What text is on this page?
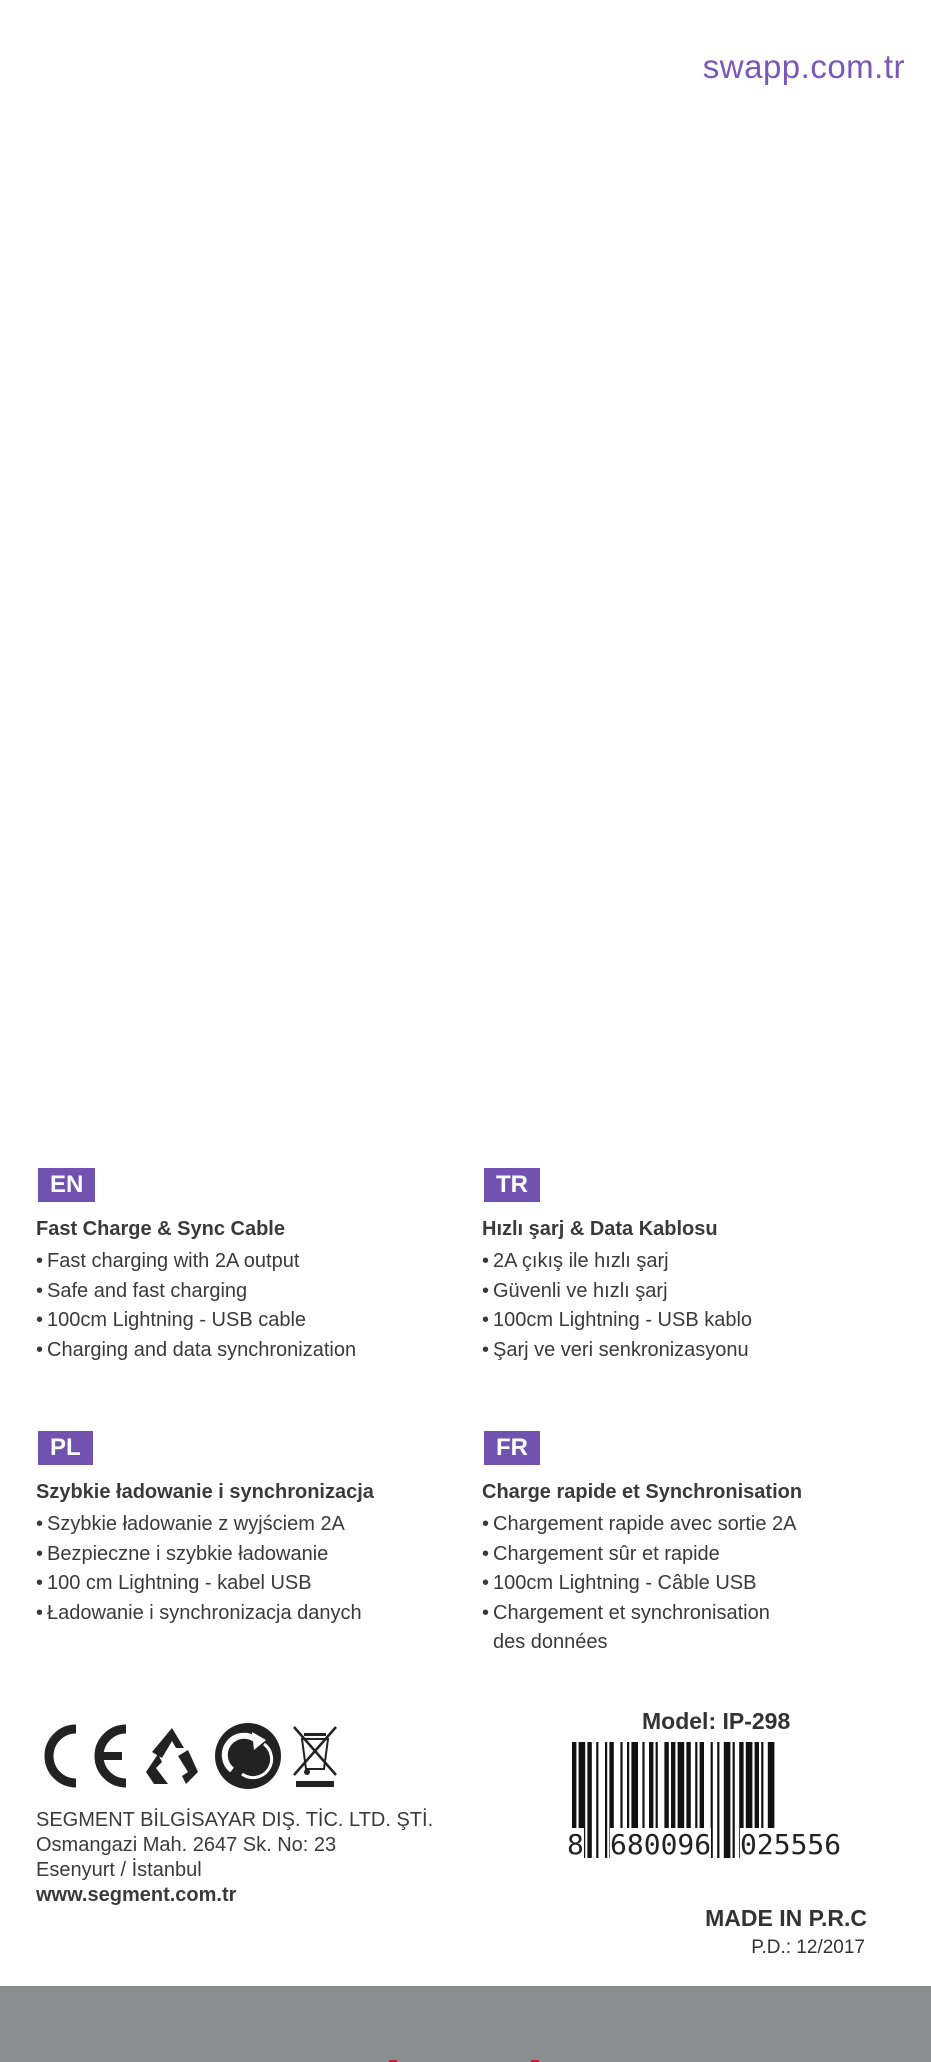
swapp.com.tr
EN
Fast Charge & Sync Cable
• Fast charging with 2A output
• Safe and fast charging
• 100cm Lightning - USB cable
• Charging and data synchronization
TR
Hızlı şarj & Data Kablosu
• 2A çıkış ile hızlı şarj
• Güvenli ve hızlı şarj
• 100cm Lightning - USB kablo
• Şarj ve veri senkronizasyonu
PL
Szybkie ładowanie i synchronizacja
• Szybkie ładowanie z wyjściem 2A
• Bezpieczne i szybkie ładowanie
• 100 cm Lightning - kabel USB
• Ładowanie i synchronizacja danych
FR
Charge rapide et Synchronisation
• Chargement rapide avec sortie 2A
• Chargement sûr et rapide
• 100cm Lightning - Câble USB
• Chargement et synchronisation
des données
SEGMENT BİLGİSAYAR DIŞ. TİC. LTD. ŞTİ.
Osmangazi Mah. 2647 Sk. No: 23
Esenyurt / İstanbul
www.segment.com.tr
Model: IP-298
8 680096 025556
MADE IN P.R.C
P.D.: 12/2017
